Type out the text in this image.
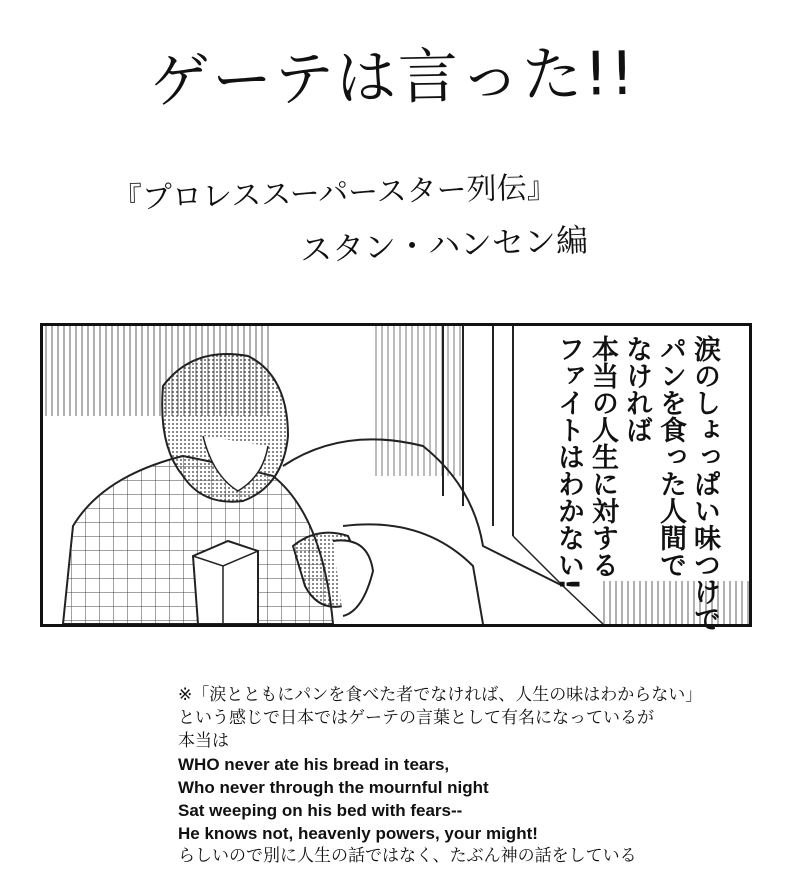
ゲーテは言った!!
『プロレススーパースター列伝』
スタン・ハンセン編
涙のしょっぱい味つけで
パンを食った人間で
なければ
本当の人生に対する
ファイトはわかない!
※「涙とともにパンを食べた者でなければ、人生の味はわからない」
という感じで日本ではゲーテの言葉として有名になっているが
本当は
WHO never ate his bread in tears,
Who never through the mournful night
Sat weeping on his bed with fears--
He knows not, heavenly powers, your might!
らしいので別に人生の話ではなく、たぶん神の話をしている
